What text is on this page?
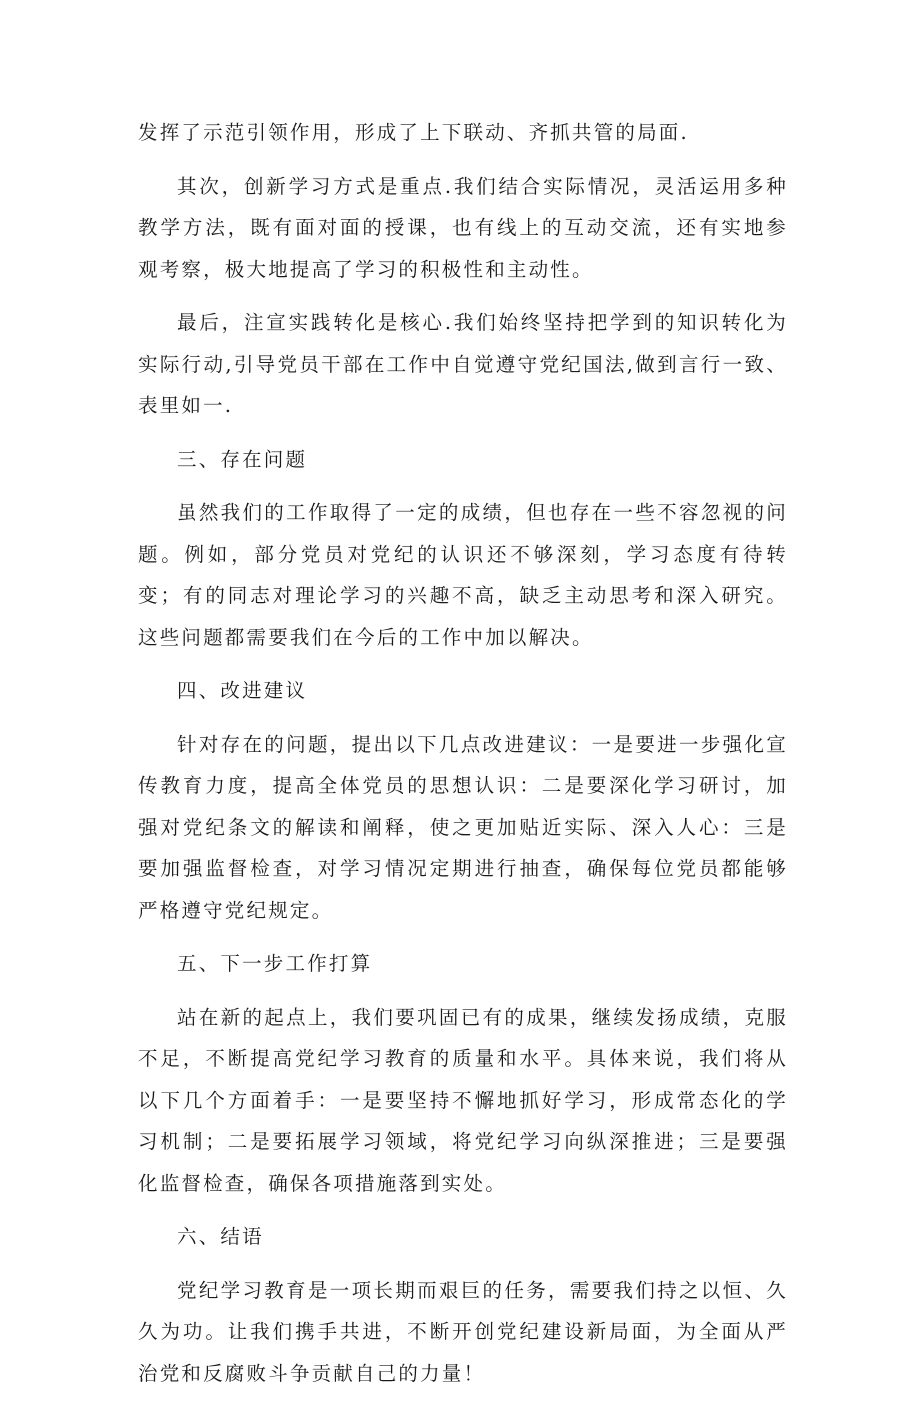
发挥了示范引领作用，形成了上下联动、齐抓共管的局面.

其次，创新学习方式是重点.我们结合实际情况，灵活运用多种教学方法，既有面对面的授课，也有线上的互动交流，还有实地参观考察，极大地提高了学习的积极性和主动性。

最后，注宣实践转化是核心.我们始终坚持把学到的知识转化为实际行动,引导党员干部在工作中自觉遵守党纪国法,做到言行一致、表里如一.

三、存在问题

虽然我们的工作取得了一定的成绩，但也存在一些不容忽视的问题。例如，部分党员对党纪的认识还不够深刻，学习态度有待转变；有的同志对理论学习的兴趣不高，缺乏主动思考和深入研究。这些问题都需要我们在今后的工作中加以解决。

四、改进建议

针对存在的问题，提出以下几点改进建议：一是要进一步强化宣传教育力度，提高全体党员的思想认识：二是要深化学习研讨，加强对党纪条文的解读和阐释，使之更加贴近实际、深入人心：三是要加强监督检查，对学习情况定期进行抽查，确保每位党员都能够严格遵守党纪规定。

五、下一步工作打算

站在新的起点上，我们要巩固已有的成果，继续发扬成绩，克服不足，不断提高党纪学习教育的质量和水平。具体来说，我们将从以下几个方面着手：一是要坚持不懈地抓好学习，形成常态化的学习机制；二是要拓展学习领域，将党纪学习向纵深推进；三是要强化监督检查，确保各项措施落到实处。

六、结语

党纪学习教育是一项长期而艰巨的任务，需要我们持之以恒、久久为功。让我们携手共进，不断开创党纪建设新局面，为全面从严治党和反腐败斗争贡献自己的力量！
